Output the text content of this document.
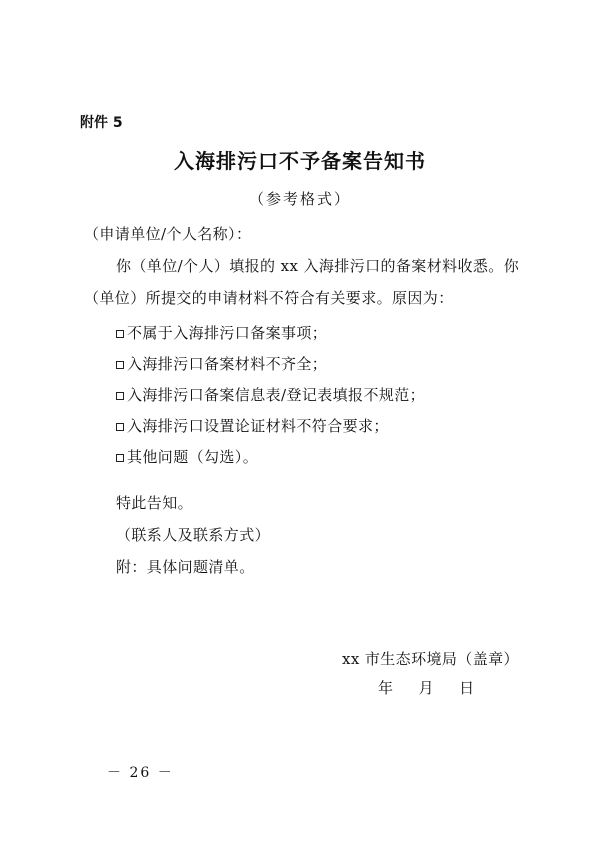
附件 5
入海排污口不予备案告知书
（参考格式）
（申请单位/个人名称）：
你（单位/个人）填报的 xx 入海排污口的备案材料收悉。你
（单位）所提交的申请材料不符合有关要求。原因为：
不属于入海排污口备案事项；
入海排污口备案材料不齐全；
入海排污口备案信息表/登记表填报不规范；
入海排污口设置论证材料不符合要求；
其他问题（勾选）。
特此告知。
（联系人及联系方式）
附：具体问题清单。
xx 市生态环境局（盖章）
年 月 日
－ 26 －
